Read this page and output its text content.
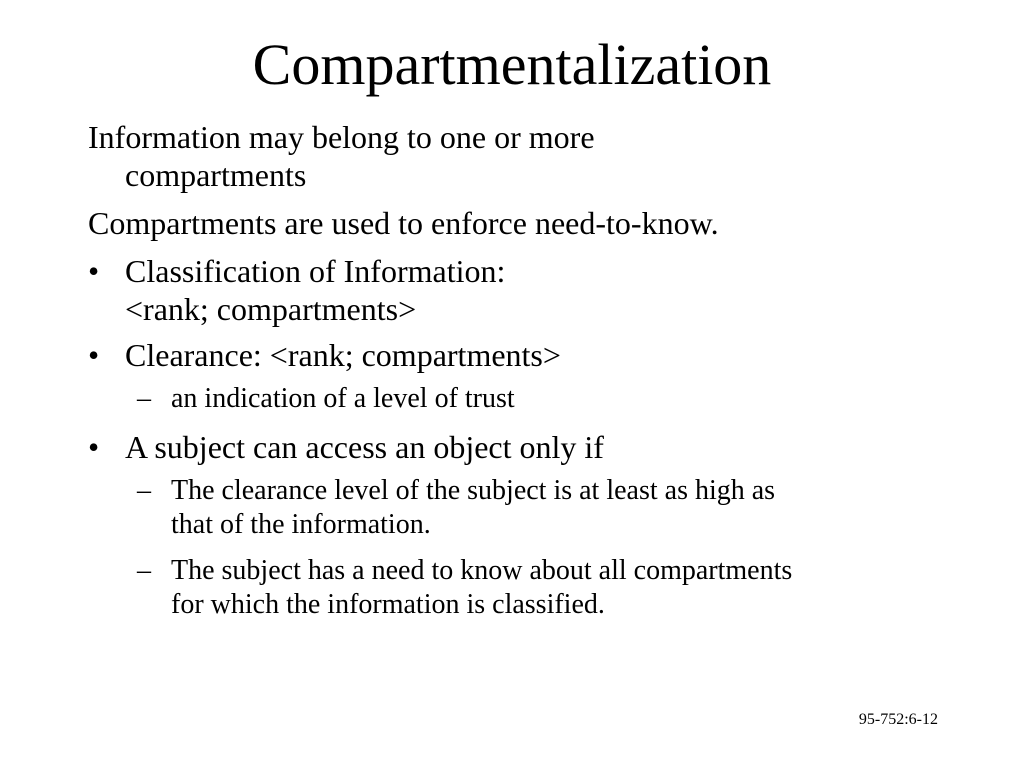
Compartmentalization

Information may belong to one or more
compartments

Compartments are used to enforce need-to-know.

• Classification of Information:
<rank; compartments>
• Clearance: <rank; compartments>
– an indication of a level of trust
• A subject can access an object only if
– The clearance level of the subject is at least as high as
that of the information.
– The subject has a need to know about all compartments
for which the information is classified.
95-752:6-12
